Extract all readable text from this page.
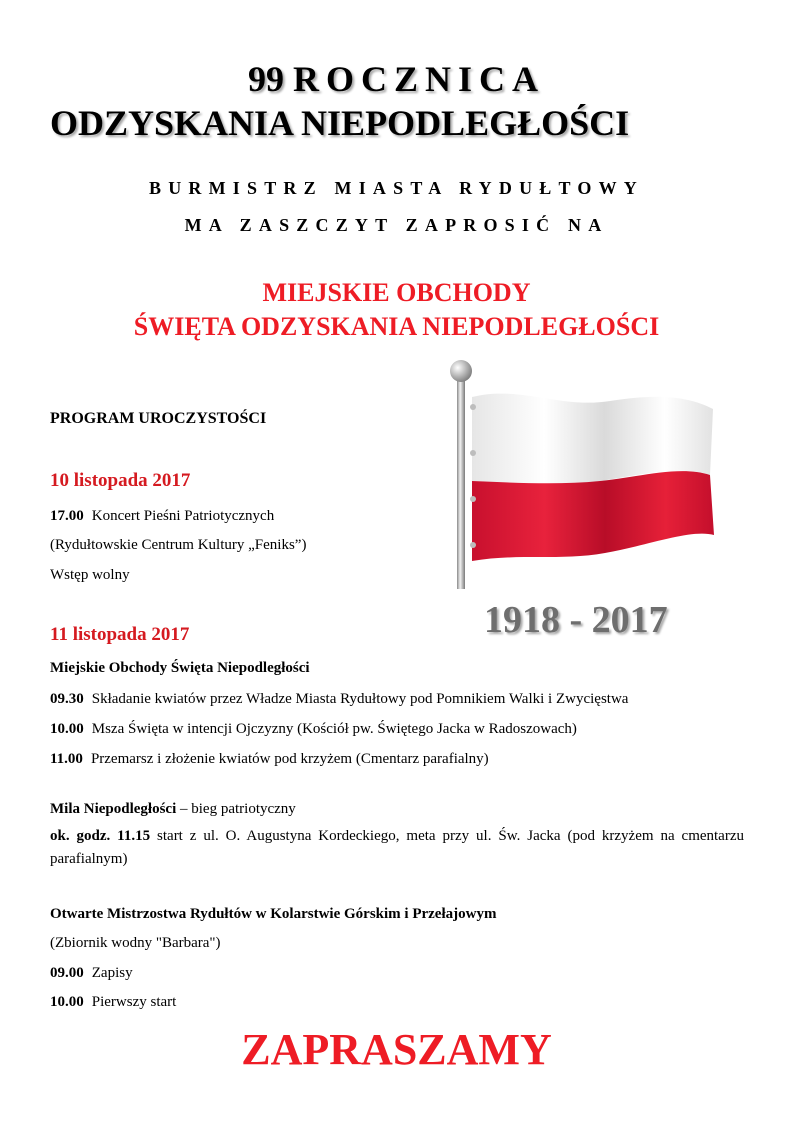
99 ROCZNICA
ODZYSKANIA NIEPODLEGŁOŚCI
BURMISTRZ MIASTA RYDUŁTOWY
MA ZASZCZYT ZAPROSIĆ NA
MIEJSKIE OBCHODY
ŚWIĘTA ODZYSKANIA NIEPODLEGŁOŚCI
PROGRAM UROCZYSTOŚCI
10 listopada 2017
17.00 Koncert Pieśni Patriotycznych
(Rydułtowskie Centrum Kultury „Feniks”)
Wstęp wolny
1918 - 2017
11 listopada 2017
Miejskie Obchody Święta Niepodległości
09.30 Składanie kwiatów przez Władze Miasta Rydułtowy pod Pomnikiem Walki i Zwycięstwa
10.00 Msza Święta w intencji Ojczyzny (Kościół pw. Świętego Jacka w Radoszowach)
11.00 Przemarsz i złożenie kwiatów pod krzyżem (Cmentarz parafialny)
Mila Niepodległości – bieg patriotyczny
ok. godz. 11.15 start z ul. O. Augustyna Kordeckiego, meta przy ul. Św. Jacka (pod krzyżem na cmentarzu parafialnym)
Otwarte Mistrzostwa Rydułtów w Kolarstwie Górskim i Przełajowym
(Zbiornik wodny "Barbara")
09.00 Zapisy
10.00 Pierwszy start
ZAPRASZAMY
